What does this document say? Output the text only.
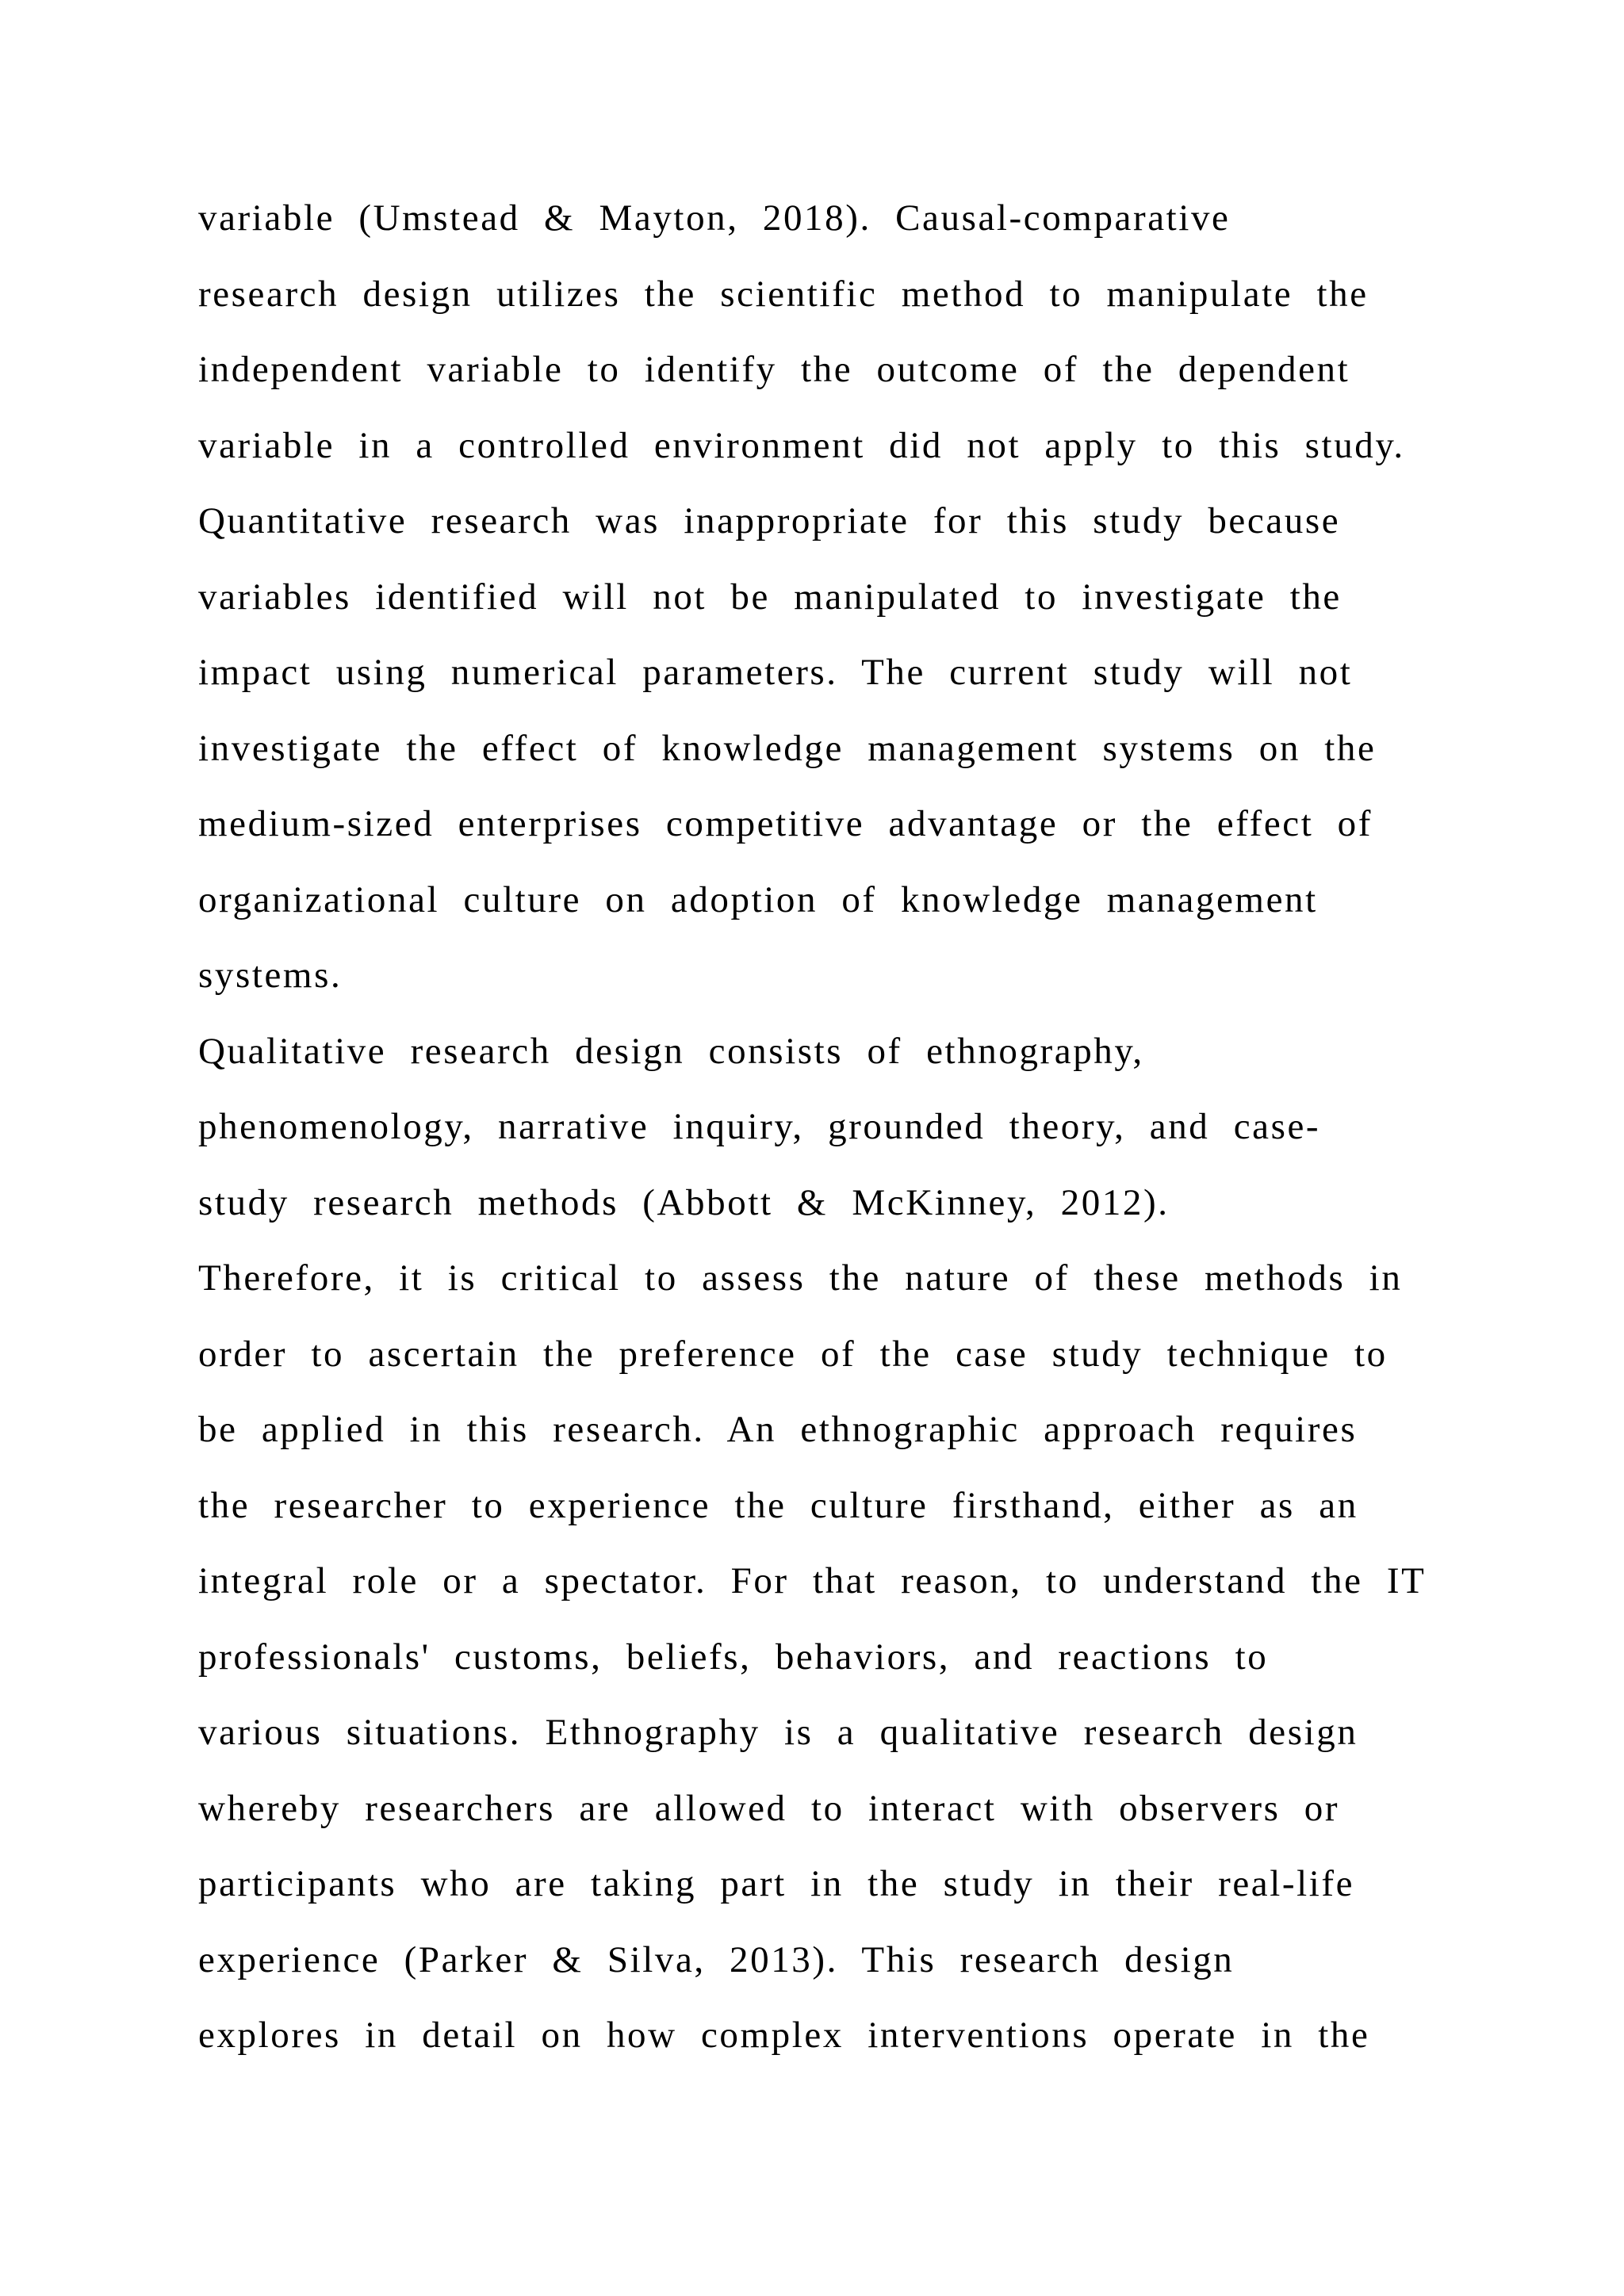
variable (Umstead & Mayton, 2018). Causal-comparative
research design utilizes the scientific method to manipulate the
independent variable to identify the outcome of the dependent
variable in a controlled environment did not apply to this study.
Quantitative research was inappropriate for this study because
variables identified will not be manipulated to investigate the
impact using numerical parameters. The current study will not
investigate the effect of knowledge management systems on the
medium-sized enterprises competitive advantage or the effect of
organizational culture on adoption of knowledge management
systems.
Qualitative research design consists of ethnography,
phenomenology, narrative inquiry, grounded theory, and case-
study research methods (Abbott & McKinney, 2012).
Therefore, it is critical to assess the nature of these methods in
order to ascertain the preference of the case study technique to
be applied in this research. An ethnographic approach requires
the researcher to experience the culture firsthand, either as an
integral role or a spectator. For that reason, to understand the IT
professionals' customs, beliefs, behaviors, and reactions to
various situations. Ethnography is a qualitative research design
whereby researchers are allowed to interact with observers or
participants who are taking part in the study in their real-life
experience (Parker & Silva, 2013). This research design
explores in detail on how complex interventions operate in the
